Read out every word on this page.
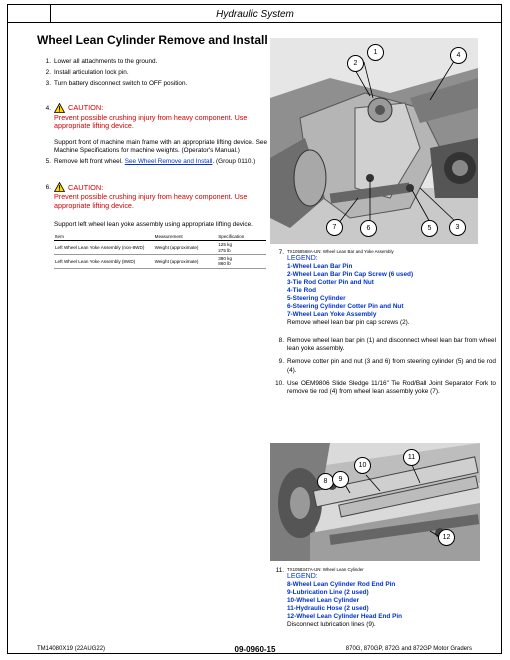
Hydraulic System
Wheel Lean Cylinder Remove and Install
1. Lower all attachments to the ground.
2. Install articulation lock pin.
3. Turn battery disconnect switch to OFF position.
4. CAUTION:
Prevent possible crushing injury from heavy component. Use appropriate lifting device.
Support front of machine main frame with an appropriate lifting device. See Machine Specifications for machine weights. (Operator's Manual.)
5. Remove left front wheel. See Wheel Remove and Install. (Group 0110.)
6. CAUTION:
Prevent possible crushing injury from heavy component. Use appropriate lifting device.
Support left wheel lean yoke assembly using appropriate lifting device.
Item	Measurement	Specification
Left Wheel Lean Yoke Assembly (non-8WD)	Weight (approximate)	125 kg
275 lb

Left Wheel Lean Yoke Assembly (8WD)	Weight (approximate)	390 kg
860 lb
1
2
4
7	6	5	3
7. TX1058568A-UN: Wheel Lean Bar and Yoke Assembly
LEGEND:
1-Wheel Lean Bar Pin
2-Wheel Lean Bar Pin Cap Screw (6 used)
3-Tie Rod Cotter Pin and Nut
4-Tie Rod
5-Steering Cylinder
6-Steering Cylinder Cotter Pin and Nut
7-Wheel Lean Yoke Assembly
Remove wheel lean bar pin cap screws (2).
8. Remove wheel lean bar pin (1) and disconnect wheel lean bar from wheel lean yoke assembly.
9. Remove cotter pin and nut (3 and 6) from steering cylinder (5) and tie rod (4).
10. Use OEM9806 Slide Sledge 11/16" Tie Rod/Ball Joint Separator Fork to remove tie rod (4) from wheel lean assembly yoke (7).
8	9
10
11
12
11. TX1058347A-UN: Wheel Lean Cylinder
LEGEND:
8-Wheel Lean Cylinder Rod End Pin
9-Lubrication Line (2 used)
10-Wheel Lean Cylinder
11-Hydraulic Hose (2 used)
12-Wheel Lean Cylinder Head End Pin
Disconnect lubrication lines (9).
TM14080X19 (22AUG22)	09-0960-15	870G, 870GP, 872G and 872GP Motor Graders
